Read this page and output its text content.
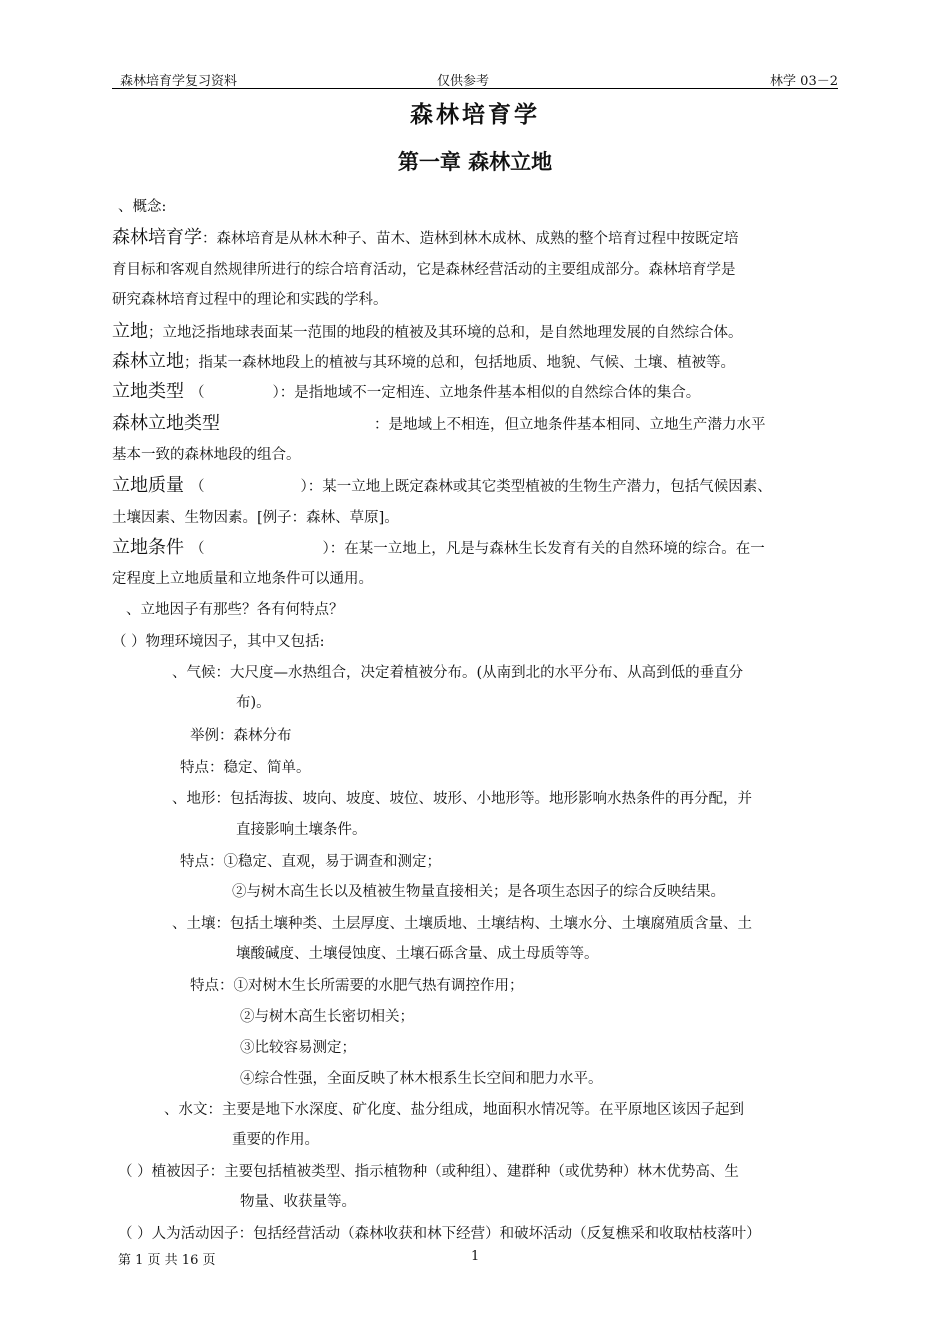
森林培育学复习资料	仅供参考	林学 03－2
森林培育学
第一章 森林立地
、概念:
森林培育学：森林培育是从林木种子、苗木、造林到林木成林、成熟的整个培育过程中按既定培
育目标和客观自然规律所进行的综合培育活动，它是森林经营活动的主要组成部分。森林培育学是
研究森林培育过程中的理论和实践的学科。
立地；立地泛指地球表面某一范围的地段的植被及其环境的总和，是自然地理发展的自然综合体。
森林立地；指某一森林地段上的植被与其环境的总和，包括地质、地貌、气候、土壤、植被等。
立地类型 （	）：是指地域不一定相连、立地条件基本相似的自然综合体的集合。
森林立地类型	：是地域上不相连，但立地条件基本相同、立地生产潜力水平
基本一致的森林地段的组合。
立地质量 （	）：某一立地上既定森林或其它类型植被的生物生产潜力，包括气候因素、
土壤因素、生物因素。[例子：森林、草原]。
立地条件 （	）：在某一立地上，凡是与森林生长发育有关的自然环境的综合。在一
定程度上立地质量和立地条件可以通用。
、立地因子有那些？各有何特点？
（ ）物理环境因子，其中又包括:
、气候：大尺度—水热组合，决定着植被分布。(从南到北的水平分布、从高到低的垂直分
布)。
举例：森林分布
特点：稳定、简单。
、地形：包括海拔、坡向、坡度、坡位、坡形、小地形等。地形影响水热条件的再分配，并
直接影响土壤条件。
特点：①稳定、直观，易于调查和测定；
②与树木高生长以及植被生物量直接相关；是各项生态因子的综合反映结果。
、土壤：包括土壤种类、土层厚度、土壤质地、土壤结构、土壤水分、土壤腐殖质含量、土
壤酸碱度、土壤侵蚀度、土壤石砾含量、成土母质等等。
特点：①对树木生长所需要的水肥气热有调控作用；
②与树木高生长密切相关；
③比较容易测定；
④综合性强，全面反映了林木根系生长空间和肥力水平。
、水文：主要是地下水深度、矿化度、盐分组成，地面积水情况等。在平原地区该因子起到
重要的作用。
（ ）植被因子：主要包括植被类型、指示植物种（或种组）、建群种（或优势种）林木优势高、生
物量、收获量等。
（ ）人为活动因子：包括经营活动（森林收获和林下经营）和破坏活动（反复樵采和收取枯枝落叶）
第 1 页 共 16 页	1
